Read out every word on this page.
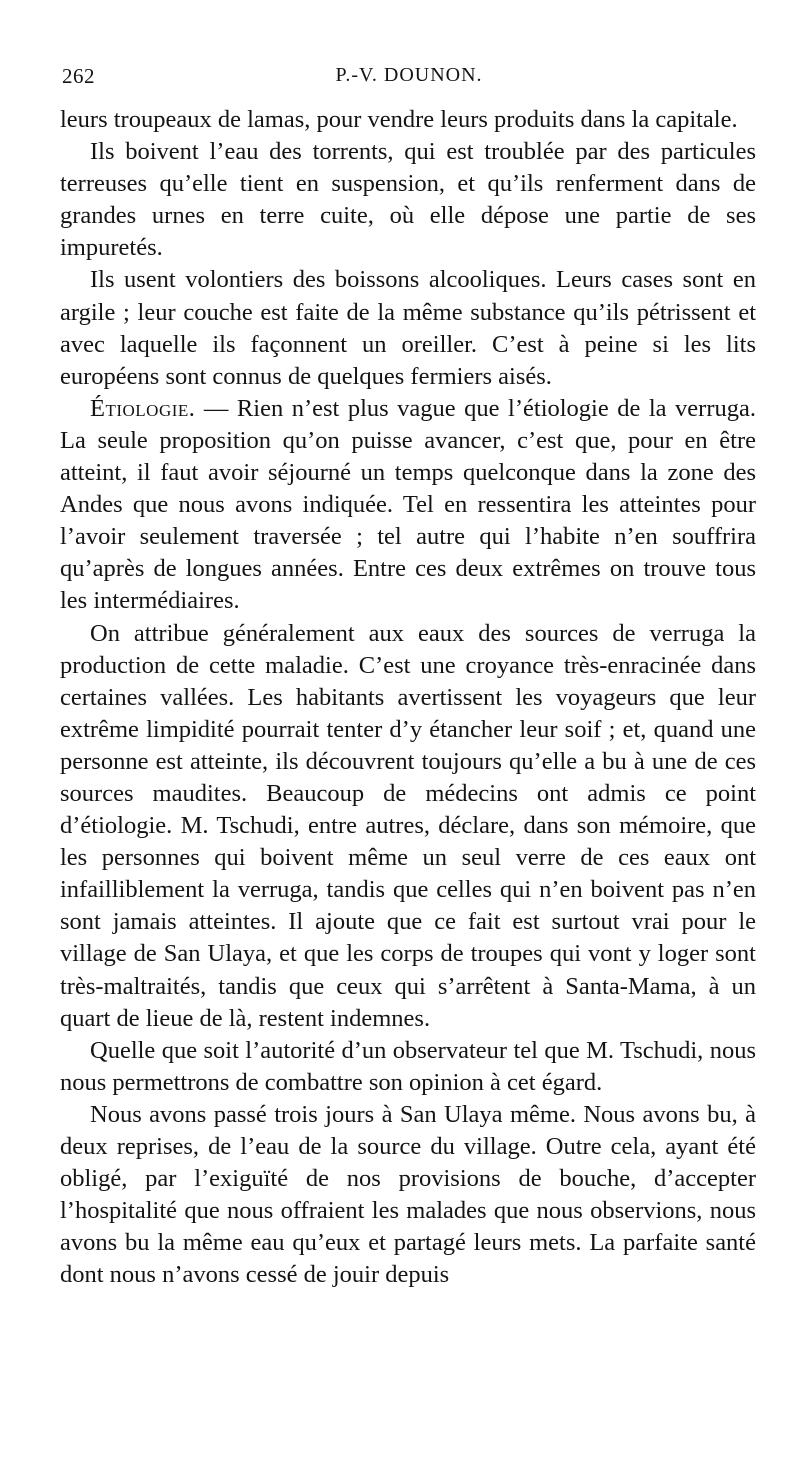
262	P.-V. DOUNON.

leurs troupeaux de lamas, pour vendre leurs produits dans la capitale.

Ils boivent l’eau des torrents, qui est troublée par des particules terreuses qu’elle tient en suspension, et qu’ils renferment dans de grandes urnes en terre cuite, où elle dépose une partie de ses impuretés.

Ils usent volontiers des boissons alcooliques. Leurs cases sont en argile ; leur couche est faite de la même substance qu’ils pétrissent et avec laquelle ils façonnent un oreiller. C’est à peine si les lits européens sont connus de quelques fermiers aisés.

Étiologie. — Rien n’est plus vague que l’étiologie de la verruga. La seule proposition qu’on puisse avancer, c’est que, pour en être atteint, il faut avoir séjourné un temps quelconque dans la zone des Andes que nous avons indiquée. Tel en ressentira les atteintes pour l’avoir seulement traversée ; tel autre qui l’habite n’en souffrira qu’après de longues années. Entre ces deux extrêmes on trouve tous les intermédiaires.

On attribue généralement aux eaux des sources de verruga la production de cette maladie. C’est une croyance très-enracinée dans certaines vallées. Les habitants avertissent les voyageurs que leur extrême limpidité pourrait tenter d’y étancher leur soif ; et, quand une personne est atteinte, ils découvrent toujours qu’elle a bu à une de ces sources maudites. Beaucoup de médecins ont admis ce point d’étiologie. M. Tschudi, entre autres, déclare, dans son mémoire, que les personnes qui boivent même un seul verre de ces eaux ont infailliblement la verruga, tandis que celles qui n’en boivent pas n’en sont jamais atteintes. Il ajoute que ce fait est surtout vrai pour le village de San Ulaya, et que les corps de troupes qui vont y loger sont très-maltraités, tandis que ceux qui s’arrêtent à Santa-Mama, à un quart de lieue de là, restent indemnes.

Quelle que soit l’autorité d’un observateur tel que M. Tschudi, nous nous permettrons de combattre son opinion à cet égard.

Nous avons passé trois jours à San Ulaya même. Nous avons bu, à deux reprises, de l’eau de la source du village. Outre cela, ayant été obligé, par l’exiguïté de nos provisions de bouche, d’accepter l’hospitalité que nous offraient les malades que nous observions, nous avons bu la même eau qu’eux et partagé leurs mets. La parfaite santé dont nous n’avons cessé de jouir depuis
